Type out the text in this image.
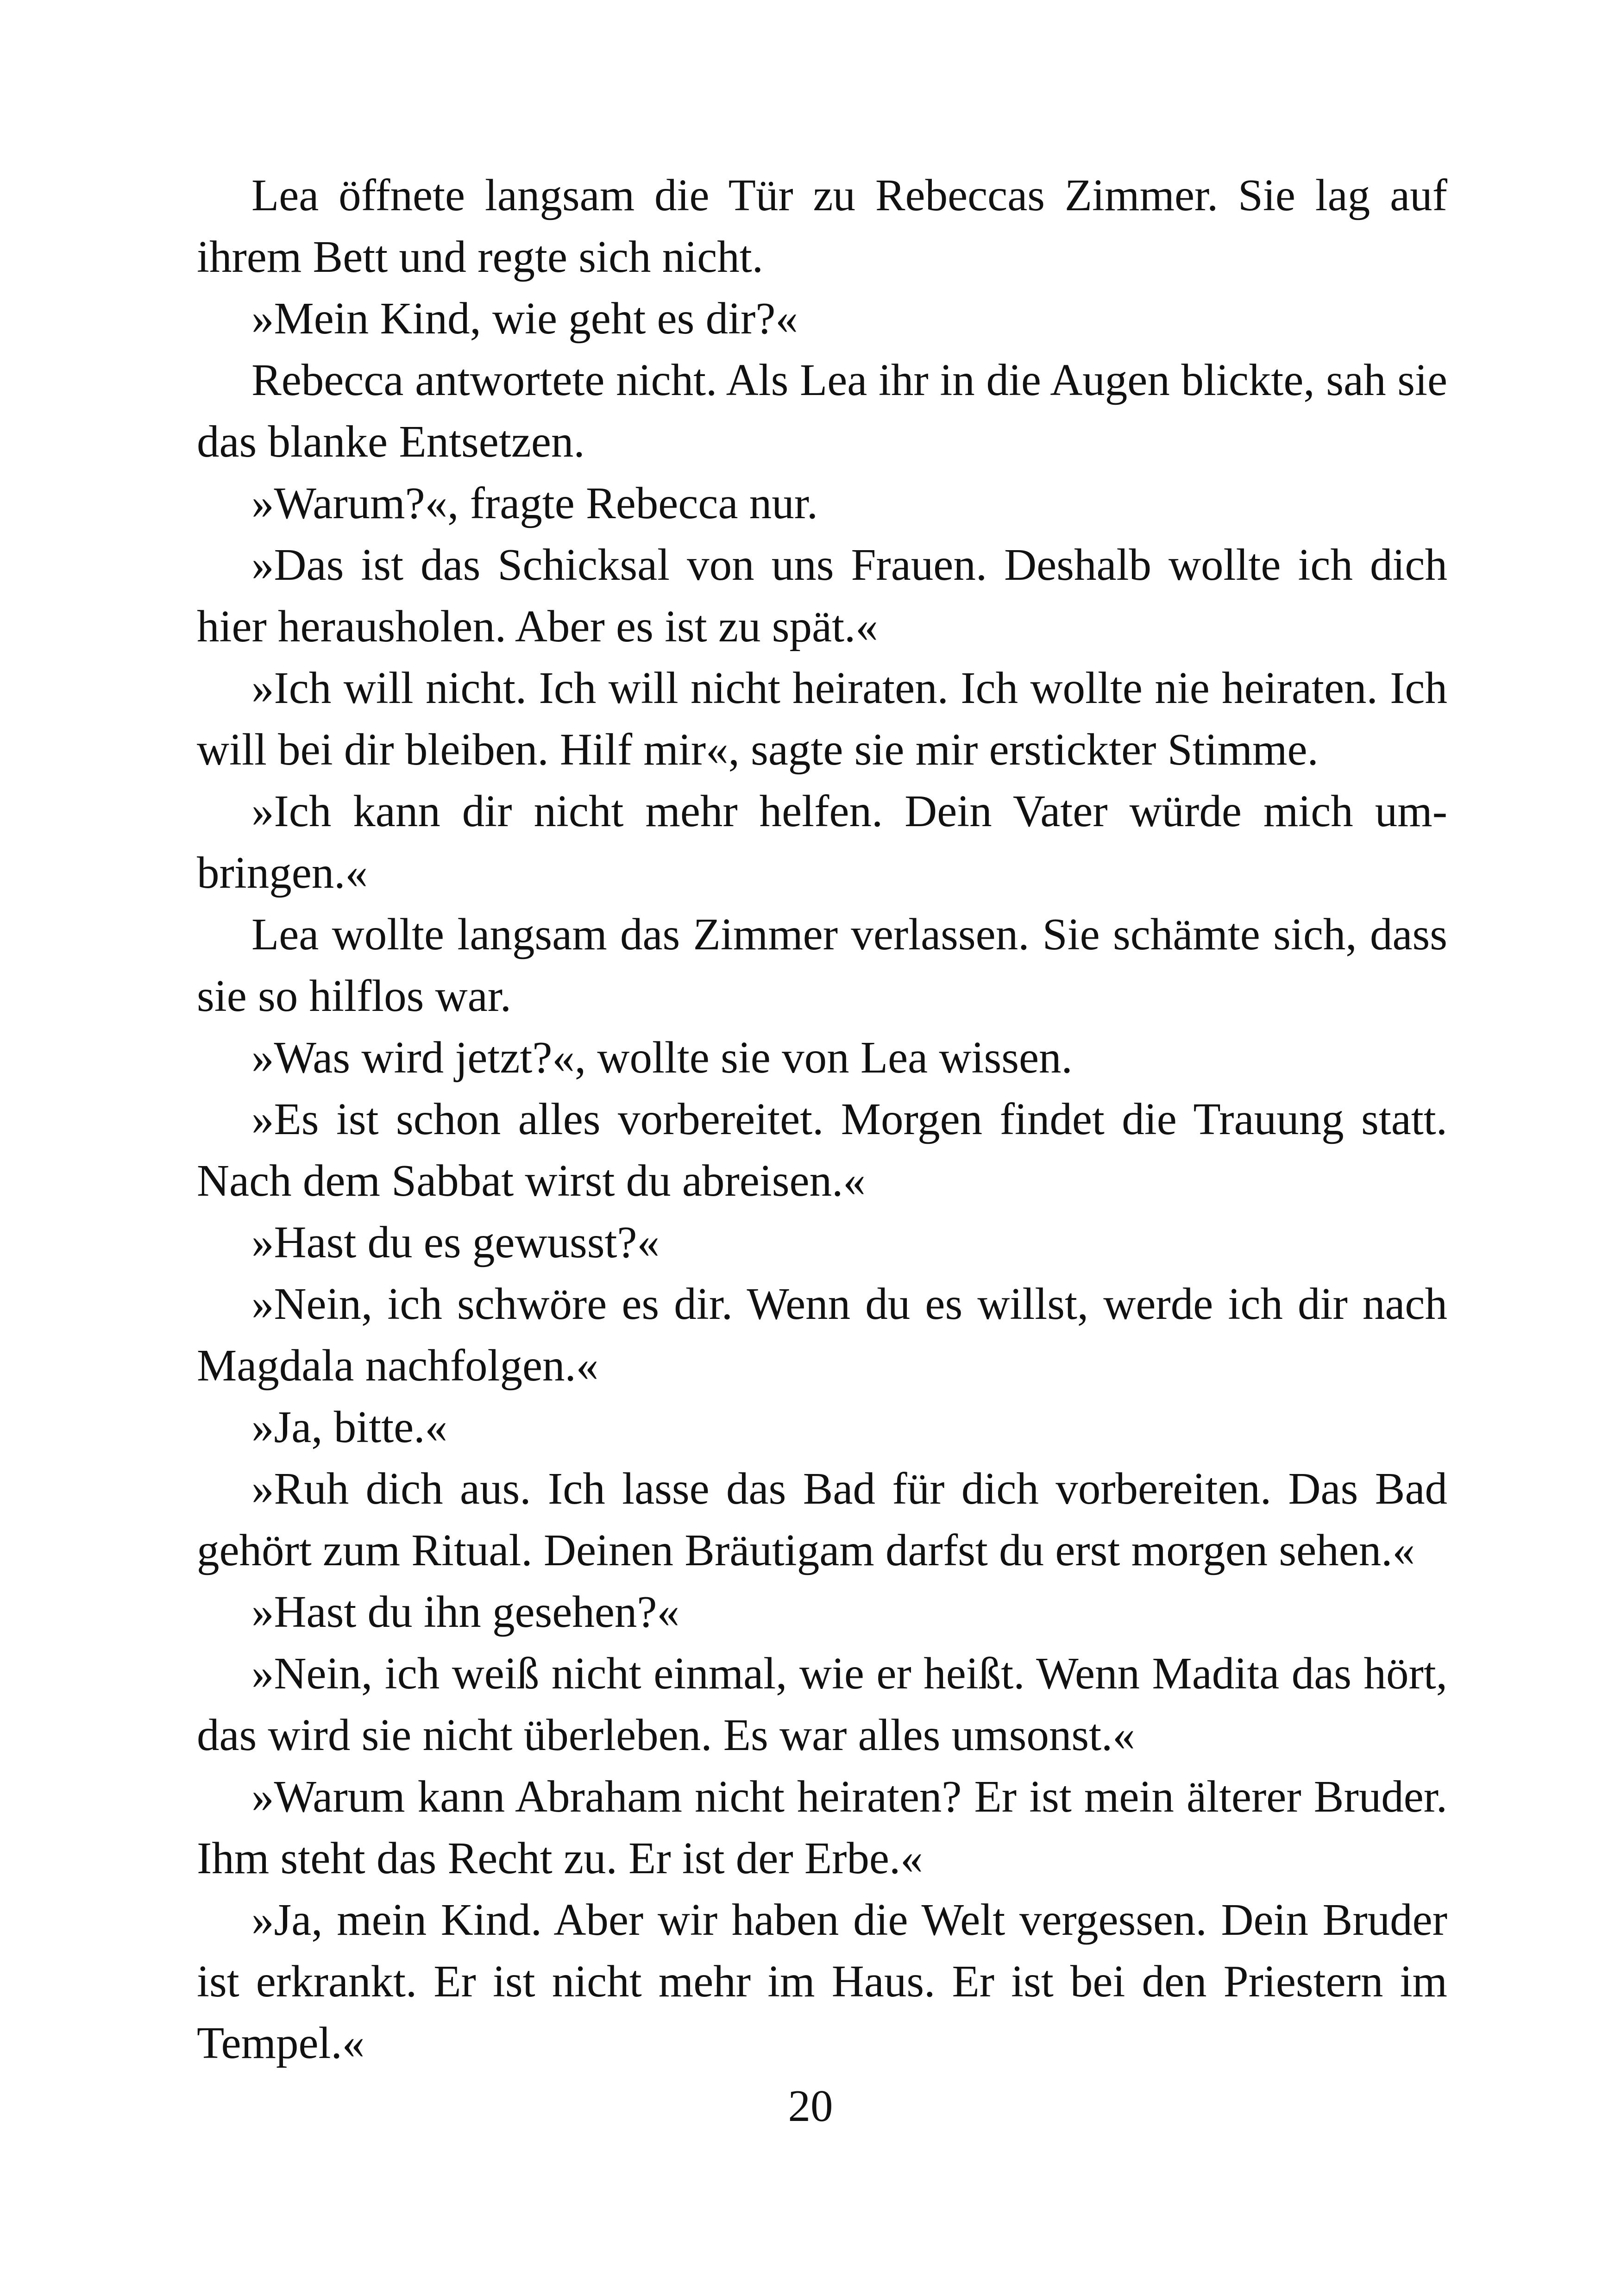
Lea öffnete langsam die Tür zu Rebeccas Zimmer. Sie lag auf ihrem Bett und regte sich nicht.

»Mein Kind, wie geht es dir?«

Rebecca antwortete nicht. Als Lea ihr in die Augen blickte, sah sie das blanke Entsetzen.

»Warum?«, fragte Rebecca nur.

»Das ist das Schicksal von uns Frauen. Deshalb wollte ich dich hier herausholen. Aber es ist zu spät.«

»Ich will nicht. Ich will nicht heiraten. Ich wollte nie heiraten. Ich will bei dir bleiben. Hilf mir«, sagte sie mir erstickter Stimme.

»Ich kann dir nicht mehr helfen. Dein Vater würde mich umbringen.«

Lea wollte langsam das Zimmer verlassen. Sie schämte sich, dass sie so hilflos war.

»Was wird jetzt?«, wollte sie von Lea wissen.

»Es ist schon alles vorbereitet. Morgen findet die Trauung statt. Nach dem Sabbat wirst du abreisen.«

»Hast du es gewusst?«

»Nein, ich schwöre es dir. Wenn du es willst, werde ich dir nach Magdala nachfolgen.«

»Ja, bitte.«

»Ruh dich aus. Ich lasse das Bad für dich vorbereiten. Das Bad gehört zum Ritual. Deinen Bräutigam darfst du erst morgen sehen.«

»Hast du ihn gesehen?«

»Nein, ich weiß nicht einmal, wie er heißt. Wenn Madita das hört, das wird sie nicht überleben. Es war alles umsonst.«

»Warum kann Abraham nicht heiraten? Er ist mein älterer Bruder. Ihm steht das Recht zu. Er ist der Erbe.«

»Ja, mein Kind. Aber wir haben die Welt vergessen. Dein Bruder ist erkrankt. Er ist nicht mehr im Haus. Er ist bei den Priestern im Tempel.«

20
